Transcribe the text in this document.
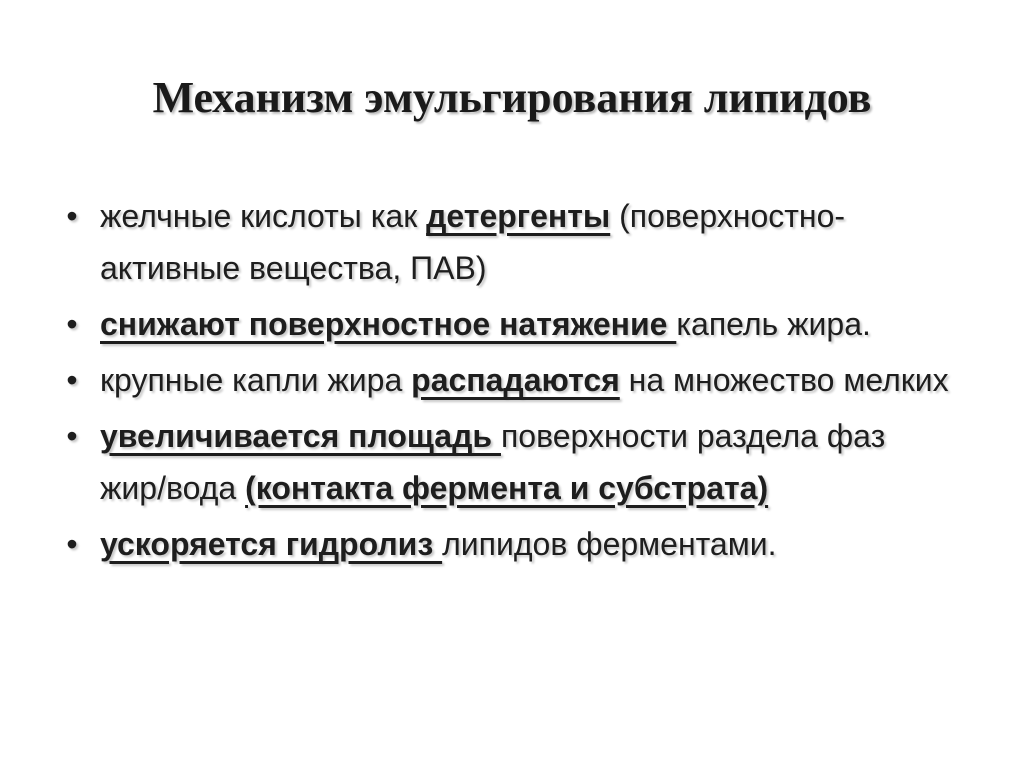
Механизм эмульгирования липидов
• желчные кислоты как детергенты (поверхностно-активные вещества, ПАВ)
• снижают поверхностное натяжение капель жира.
• крупные капли жира распадаются на множество мелких
• увеличивается площадь поверхности раздела фаз жир/вода (контакта фермента и субстрата)
• ускоряется гидролиз липидов ферментами.
